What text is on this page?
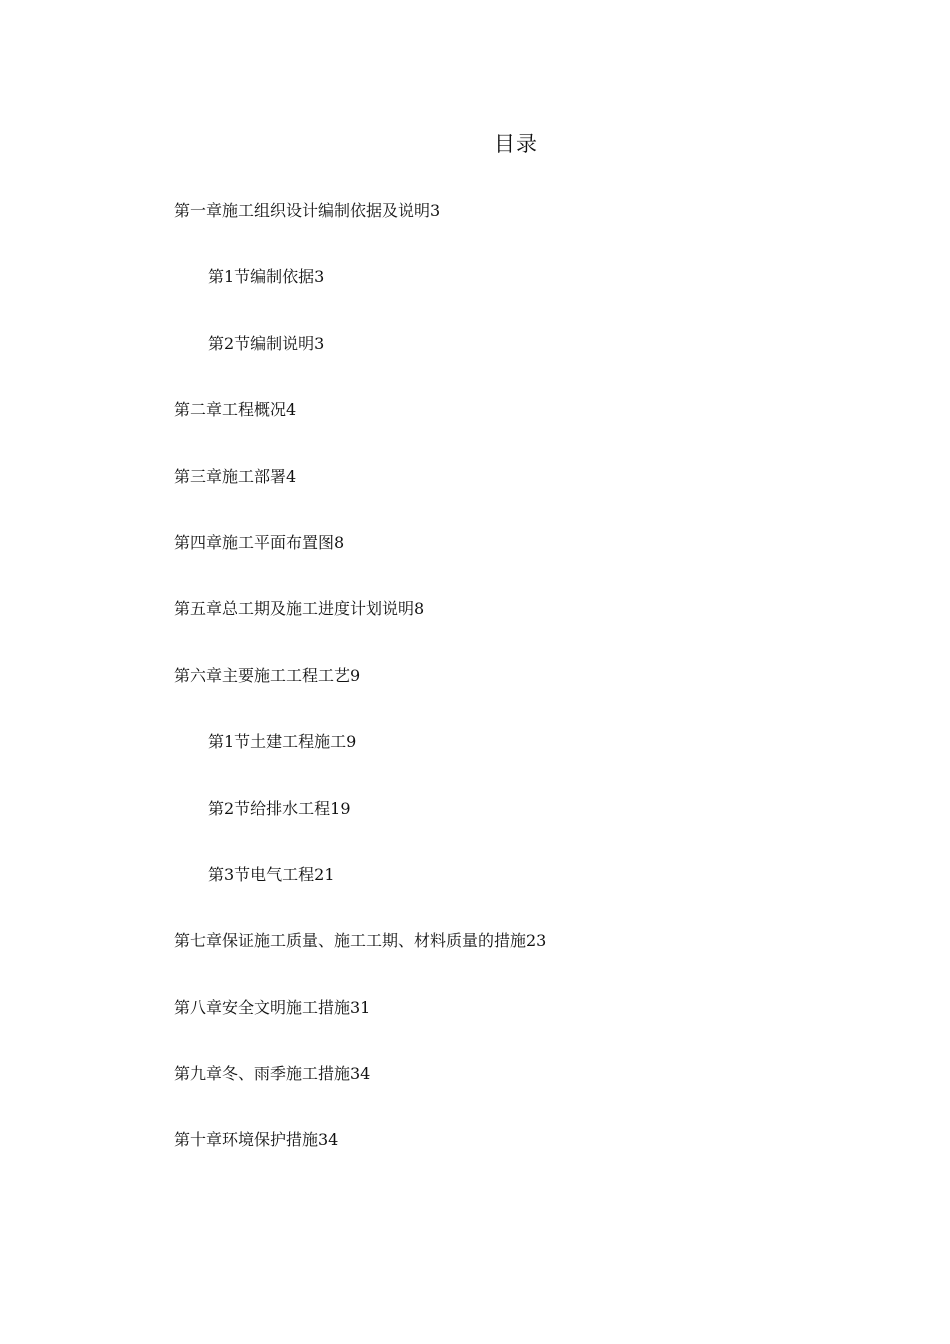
目录
第一章施工组织设计编制依据及说明3
第1节编制依据3
第2节编制说明3
第二章工程概况4
第三章施工部署4
第四章施工平面布置图8
第五章总工期及施工进度计划说明8
第六章主要施工工程工艺9
第1节土建工程施工9
第2节给排水工程19
第3节电气工程21
第七章保证施工质量、施工工期、材料质量的措施23
第八章安全文明施工措施31
第九章冬、雨季施工措施34
第十章环境保护措施34
